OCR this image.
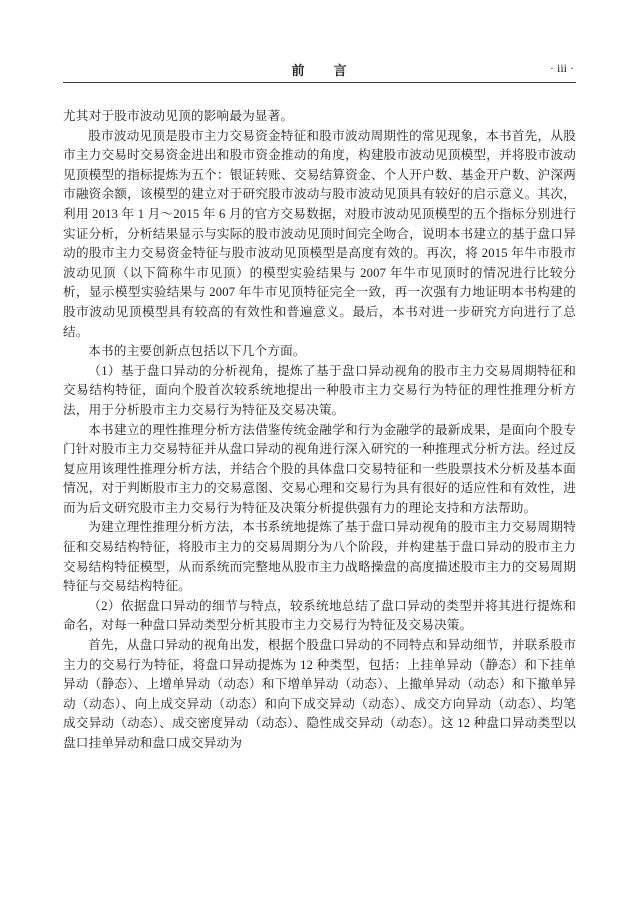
前　　言	· iii ·

尤其对于股市波动见顶的影响最为显著。

股市波动见顶是股市主力交易资金特征和股市波动周期性的常见现象，本书首先，从股市主力交易时交易资金进出和股市资金推动的角度，构建股市波动见顶模型，并将股市波动见顶模型的指标提炼为五个：银证转账、交易结算资金、个人开户数、基金开户数、沪深两市融资余额，该模型的建立对于研究股市波动与股市波动见顶具有较好的启示意义。其次，利用 2013 年 1 月～2015 年 6 月的官方交易数据，对股市波动见顶模型的五个指标分别进行实证分析，分析结果显示与实际的股市波动见顶时间完全吻合，说明本书建立的基于盘口异动的股市主力交易资金特征与股市波动见顶模型是高度有效的。再次，将 2015 年牛市股市波动见顶（以下简称牛市见顶）的模型实验结果与 2007 年牛市见顶时的情况进行比较分析，显示模型实验结果与 2007 年牛市见顶特征完全一致，再一次强有力地证明本书构建的股市波动见顶模型具有较高的有效性和普遍意义。最后，本书对进一步研究方向进行了总结。

本书的主要创新点包括以下几个方面。

（1）基于盘口异动的分析视角，提炼了基于盘口异动视角的股市主力交易周期特征和交易结构特征，面向个股首次较系统地提出一种股市主力交易行为特征的理性推理分析方法，用于分析股市主力交易行为特征及交易决策。

本书建立的理性推理分析方法借鉴传统金融学和行为金融学的最新成果，是面向个股专门针对股市主力交易特征并从盘口异动的视角进行深入研究的一种推理式分析方法。经过反复应用该理性推理分析方法，并结合个股的具体盘口交易特征和一些股票技术分析及基本面情况，对于判断股市主力的交易意图、交易心理和交易行为具有很好的适应性和有效性，进而为后文研究股市主力交易行为特征及决策分析提供强有力的理论支持和方法帮助。

为建立理性推理分析方法，本书系统地提炼了基于盘口异动视角的股市主力交易周期特征和交易结构特征，将股市主力的交易周期分为八个阶段，并构建基于盘口异动的股市主力交易结构特征模型，从而系统而完整地从股市主力战略操盘的高度描述股市主力的交易周期特征与交易结构特征。

（2）依据盘口异动的细节与特点，较系统地总结了盘口异动的类型并将其进行提炼和命名，对每一种盘口异动类型分析其股市主力交易行为特征及交易决策。

首先，从盘口异动的视角出发，根据个股盘口异动的不同特点和异动细节，并联系股市主力的交易行为特征，将盘口异动提炼为 12 种类型，包括：上挂单异动（静态）和下挂单异动（静态）、上增单异动（动态）和下增单异动（动态）、上撤单异动（动态）和下撤单异动（动态）、向上成交异动（动态）和向下成交异动（动态）、成交方向异动（动态）、均笔成交异动（动态）、成交密度异动（动态）、隐性成交异动（动态）。这 12 种盘口异动类型以盘口挂单异动和盘口成交异动为
